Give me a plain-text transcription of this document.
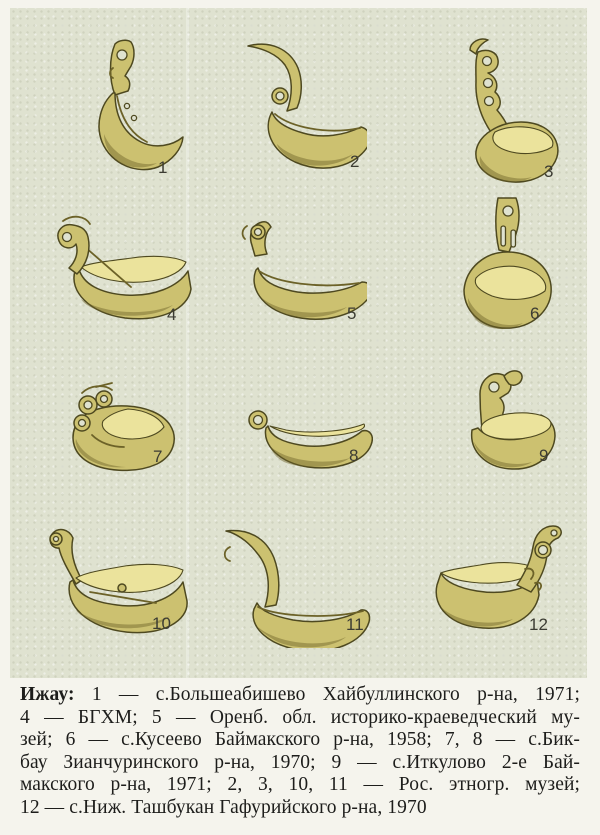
1	2
3
4	5	6
7	8	9
10	11	12
Ижау: 1 — с.Большеабишево Хайбуллинского р-на, 1971;
4 — БГХМ; 5 — Оренб. обл. историко-краеведческий му-
зей; 6 — с.Кусеево Баймакского р-на, 1958; 7, 8 — с.Бик-
бау Зианчуринского р-на, 1970; 9 — с.Иткулово 2-е Бай-
макского р-на, 1971; 2, 3, 10, 11 — Рос. этногр. музей;
12 — с.Ниж. Ташбукан Гафурийского р-на, 1970
